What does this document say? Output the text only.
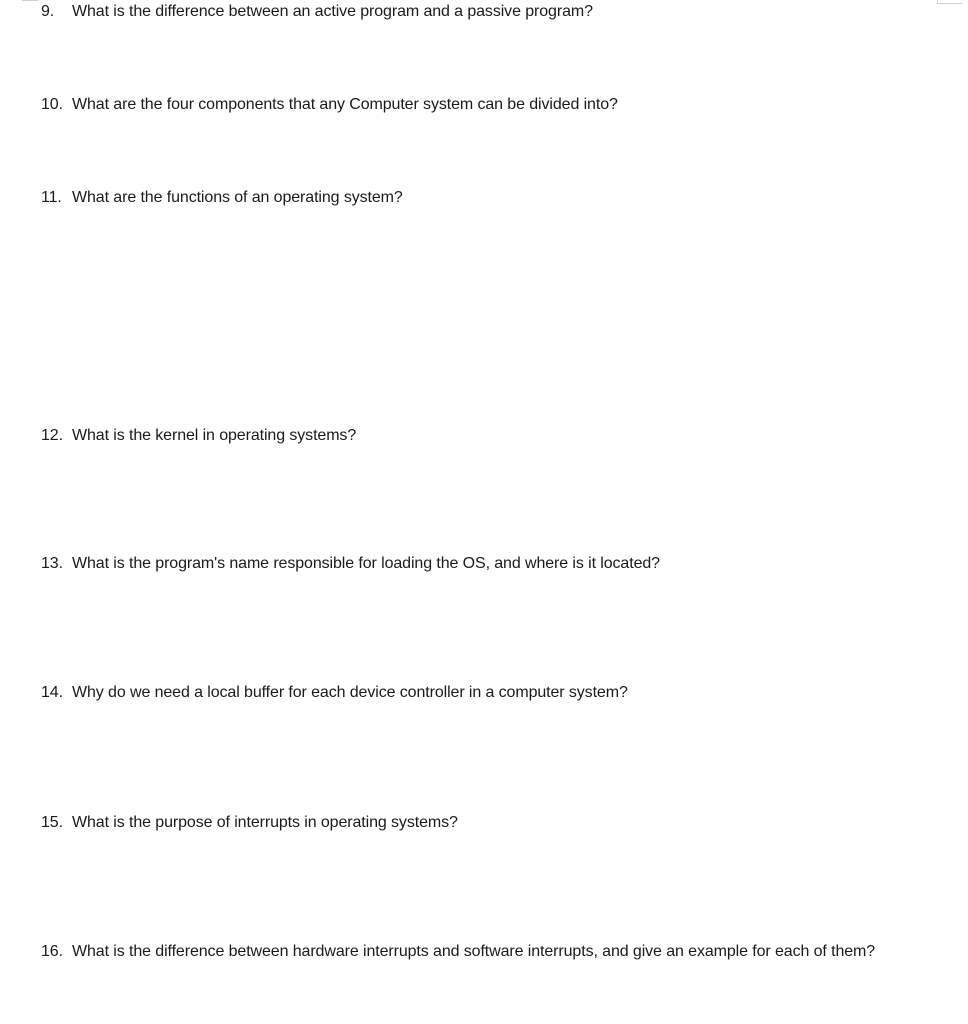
9. What is the difference between an active program and a passive program?
10. What are the four components that any Computer system can be divided into?
11. What are the functions of an operating system?
12. What is the kernel in operating systems?
13. What is the program's name responsible for loading the OS, and where is it located?
14. Why do we need a local buffer for each device controller in a computer system?
15. What is the purpose of interrupts in operating systems?
16. What is the difference between hardware interrupts and software interrupts, and give an example for each of them?
